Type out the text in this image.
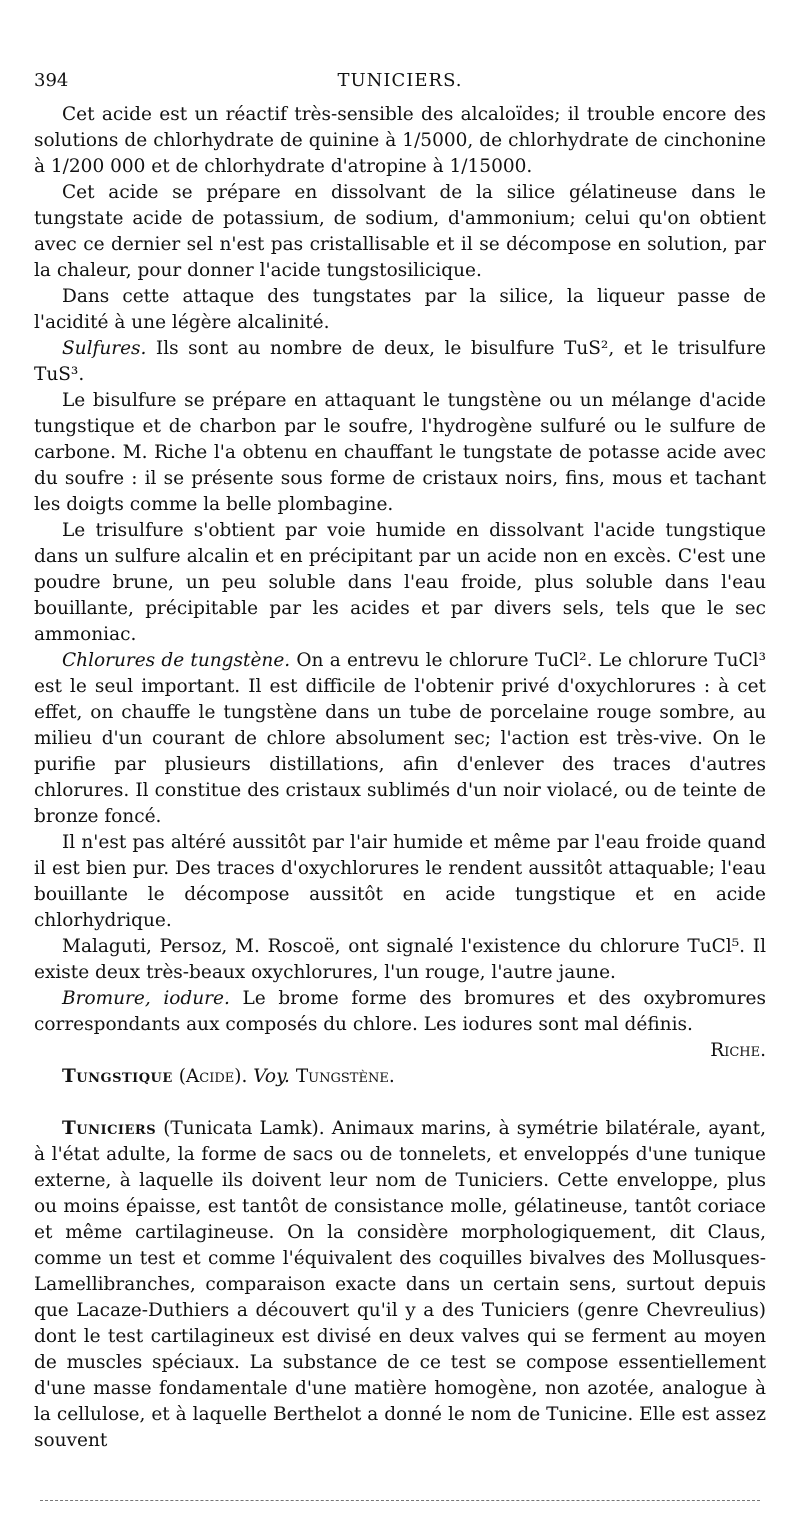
394	TUNICIERS.

Cet acide est un réactif très-sensible des alcaloïdes; il trouble encore des solutions de chlorhydrate de quinine à 1/5000, de chlorhydrate de cinchonine à 1/200 000 et de chlorhydrate d'atropine à 1/15000.

Cet acide se prépare en dissolvant de la silice gélatineuse dans le tungstate acide de potassium, de sodium, d'ammonium; celui qu'on obtient avec ce dernier sel n'est pas cristallisable et il se décompose en solution, par la chaleur, pour donner l'acide tungstosilicique.

Dans cette attaque des tungstates par la silice, la liqueur passe de l'acidité à une légère alcalinité.

Sulfures. Ils sont au nombre de deux, le bisulfure TuS², et le trisulfure TuS³.

Le bisulfure se prépare en attaquant le tungstène ou un mélange d'acide tungstique et de charbon par le soufre, l'hydrogène sulfuré ou le sulfure de carbone. M. Riche l'a obtenu en chauffant le tungstate de potasse acide avec du soufre : il se présente sous forme de cristaux noirs, fins, mous et tachant les doigts comme la belle plombagine.

Le trisulfure s'obtient par voie humide en dissolvant l'acide tungstique dans un sulfure alcalin et en précipitant par un acide non en excès. C'est une poudre brune, un peu soluble dans l'eau froide, plus soluble dans l'eau bouillante, précipitable par les acides et par divers sels, tels que le sec ammoniac.

Chlorures de tungstène. On a entrevu le chlorure TuCl². Le chlorure TuCl³ est le seul important. Il est difficile de l'obtenir privé d'oxychlorures : à cet effet, on chauffe le tungstène dans un tube de porcelaine rouge sombre, au milieu d'un courant de chlore absolument sec; l'action est très-vive. On le purifie par plusieurs distillations, afin d'enlever des traces d'autres chlorures. Il constitue des cristaux sublimés d'un noir violacé, ou de teinte de bronze foncé.

Il n'est pas altéré aussitôt par l'air humide et même par l'eau froide quand il est bien pur. Des traces d'oxychlorures le rendent aussitôt attaquable; l'eau bouillante le décompose aussitôt en acide tungstique et en acide chlorhydrique.

Malaguti, Persoz, M. Roscoë, ont signalé l'existence du chlorure TuCl⁵. Il existe deux très-beaux oxychlorures, l'un rouge, l'autre jaune.

Bromure, iodure. Le brome forme des bromures et des oxybromures correspondants aux composés du chlore. Les iodures sont mal définis.
Riche.

Tungstique (Acide). Voy. Tungstène.

Tuniciers (Tunicata Lamk). Animaux marins, à symétrie bilatérale, ayant, à l'état adulte, la forme de sacs ou de tonnelets, et enveloppés d'une tunique externe, à laquelle ils doivent leur nom de Tuniciers. Cette enveloppe, plus ou moins épaisse, est tantôt de consistance molle, gélatineuse, tantôt coriace et même cartilagineuse. On la considère morphologiquement, dit Claus, comme un test et comme l'équivalent des coquilles bivalves des Mollusques-Lamellibranches, comparaison exacte dans un certain sens, surtout depuis que Lacaze-Duthiers a découvert qu'il y a des Tuniciers (genre Chevreulius) dont le test cartilagineux est divisé en deux valves qui se ferment au moyen de muscles spéciaux. La substance de ce test se compose essentiellement d'une masse fondamentale d'une matière homogène, non azotée, analogue à la cellulose, et à laquelle Berthelot a donné le nom de Tunicine. Elle est assez souvent
